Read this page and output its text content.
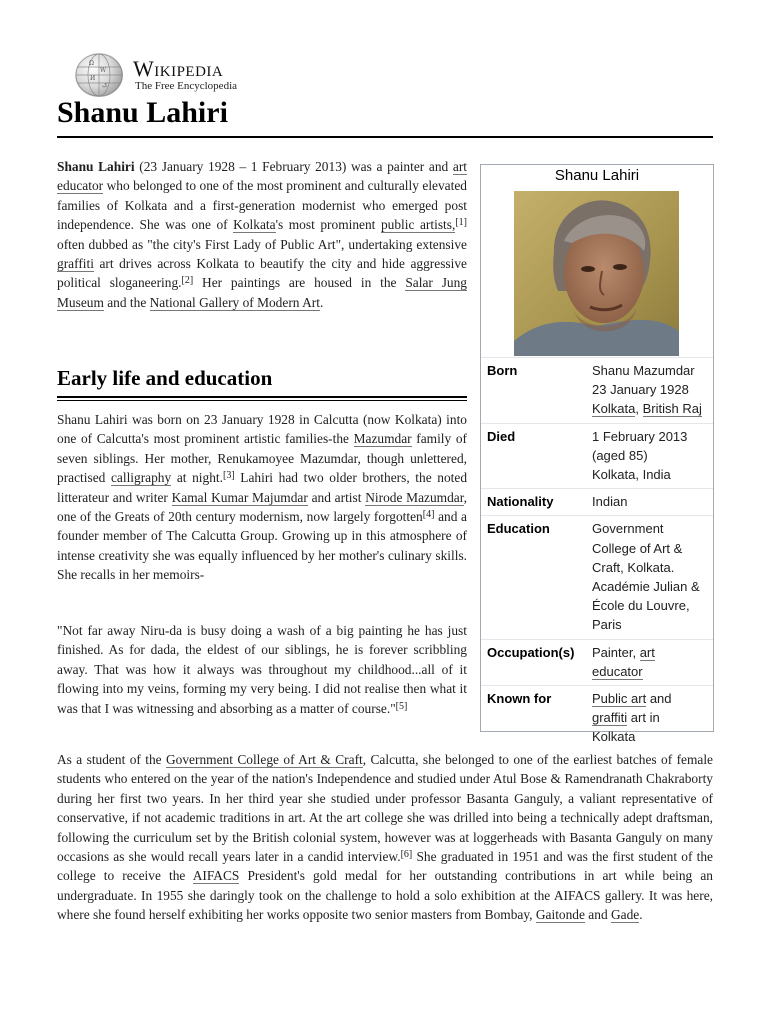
Ω
W
И
ک
Wikipedia
The Free Encyclopedia
Shanu Lahiri

Shanu Lahiri (23 January 1928 – 1 February 2013) was a painter and art educator who belonged to one of the most prominent and culturally elevated families of Kolkata and a first-generation modernist who emerged post independence. She was one of Kolkata's most prominent public artists,[1] often dubbed as "the city's First Lady of Public Art", undertaking extensive graffiti art drives across Kolkata to beautify the city and hide aggressive political sloganeering.[2] Her paintings are housed in the Salar Jung Museum and the National Gallery of Modern Art.

Early life and education

Shanu Lahiri was born on 23 January 1928 in Calcutta (now Kolkata) into one of Calcutta's most prominent artistic families-the Mazumdar family of seven siblings. Her mother, Renukamoyee Mazumdar, though unlettered, practised calligraphy at night.[3] Lahiri had two older brothers, the noted litterateur and writer Kamal Kumar Majumdar and artist Nirode Mazumdar, one of the Greats of 20th century modernism, now largely forgotten[4] and a founder member of The Calcutta Group. Growing up in this atmosphere of intense creativity she was equally influenced by her mother's culinary skills. She recalls in her memoirs-

"Not far away Niru-da is busy doing a wash of a big painting he has just finished. As for dada, the eldest of our siblings, he is forever scribbling away. That was how it always was throughout my childhood...all of it flowing into my veins, forming my very being. I did not realise then what it was that I was witnessing and absorbing as a matter of course."[5]

As a student of the Government College of Art & Craft, Calcutta, she belonged to one of the earliest batches of female students who entered on the year of the nation's Independence and studied under Atul Bose & Ramendranath Chakraborty during her first two years. In her third year she studied under professor Basanta Ganguly, a valiant representative of conservative, if not academic traditions in art. At the art college she was drilled into being a technically adept draftsman, following the curriculum set by the British colonial system, however was at loggerheads with Basanta Ganguly on many occasions as she would recall years later in a candid interview.[6] She graduated in 1951 and was the first student of the college to receive the AIFACS President's gold medal for her outstanding contributions in art while being an undergraduate. In 1955 she daringly took on the challenge to hold a solo exhibition at the AIFACS gallery. It was here, where she found herself exhibiting her works opposite two senior masters from Bombay, Gaitonde and Gade.

Shanu Lahiri
Born	Shanu Mazumdar
23 January 1928
Kolkata, British Raj
Died	1 February 2013
(aged 85)
Kolkata, India
Nationality	Indian
Education	Government
College of Art &
Craft, Kolkata.
Académie Julian &
École du Louvre,
Paris
Occupation(s)	Painter, art
educator
Known for	Public art and
graffiti art in
Kolkata
